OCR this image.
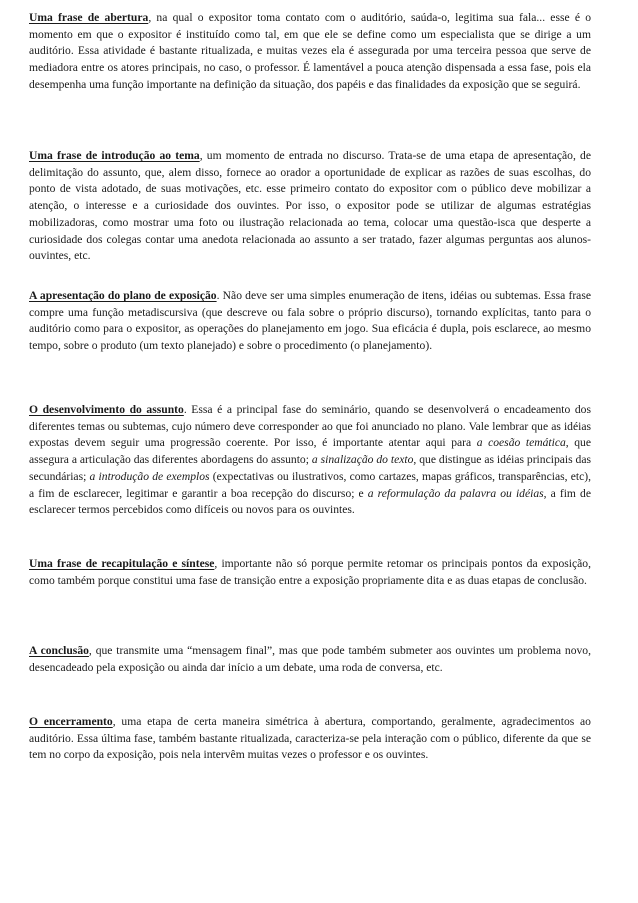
Uma frase de abertura, na qual o expositor toma contato com o auditório, saúda-o, legitima sua fala... esse é o momento em que o expositor é instituído como tal, em que ele se define como um especialista que se dirige a um auditório. Essa atividade é bastante ritualizada, e muitas vezes ela é assegurada por uma terceira pessoa que serve de mediadora entre os atores principais, no caso, o professor. É lamentável a pouca atenção dispensada a essa fase, pois ela desempenha uma função importante na definição da situação, dos papéis e das finalidades da exposição que se seguirá.

Uma frase de introdução ao tema, um momento de entrada no discurso. Trata-se de uma etapa de apresentação, de delimitação do assunto, que, alem disso, fornece ao orador a oportunidade de explicar as razões de suas escolhas, do ponto de vista adotado, de suas motivações, etc. esse primeiro contato do expositor com o público deve mobilizar a atenção, o interesse e a curiosidade dos ouvintes. Por isso, o expositor pode se utilizar de algumas estratégias mobilizadoras, como mostrar uma foto ou ilustração relacionada ao tema, colocar uma questão-isca que desperte a curiosidade dos colegas contar uma anedota relacionada ao assunto a ser tratado, fazer algumas perguntas aos alunos-ouvintes, etc.

A apresentação do plano de exposição. Não deve ser uma simples enumeração de itens, idéias ou subtemas. Essa frase compre uma função metadiscursiva (que descreve ou fala sobre o próprio discurso), tornando explícitas, tanto para o auditório como para o expositor, as operações do planejamento em jogo. Sua eficácia é dupla, pois esclarece, ao mesmo tempo, sobre o produto (um texto planejado) e sobre o procedimento (o planejamento).

O desenvolvimento do assunto. Essa é a principal fase do seminário, quando se desenvolverá o encadeamento dos diferentes temas ou subtemas, cujo número deve corresponder ao que foi anunciado no plano. Vale lembrar que as idéias expostas devem seguir uma progressão coerente. Por isso, é importante atentar aqui para a coesão temática, que assegura a articulação das diferentes abordagens do assunto; a sinalização do texto, que distingue as idéias principais das secundárias; a introdução de exemplos (expectativas ou ilustrativos, como cartazes, mapas gráficos, transparências, etc), a fim de esclarecer, legitimar e garantir a boa recepção do discurso; e a reformulação da palavra ou idéias, a fim de esclarecer termos percebidos como difíceis ou novos para os ouvintes.

Uma frase de recapitulação e síntese, importante não só porque permite retomar os principais pontos da exposição, como também porque constitui uma fase de transição entre a exposição propriamente dita e as duas etapas de conclusão.

A conclusão, que transmite uma “mensagem final”, mas que pode também submeter aos ouvintes um problema novo, desencadeado pela exposição ou ainda dar início a um debate, uma roda de conversa, etc.

O encerramento, uma etapa de certa maneira simétrica à abertura, comportando, geralmente, agradecimentos ao auditório. Essa última fase, também bastante ritualizada, caracteriza-se pela interação com o público, diferente da que se tem no corpo da exposição, pois nela intervêm muitas vezes o professor e os ouvintes.
